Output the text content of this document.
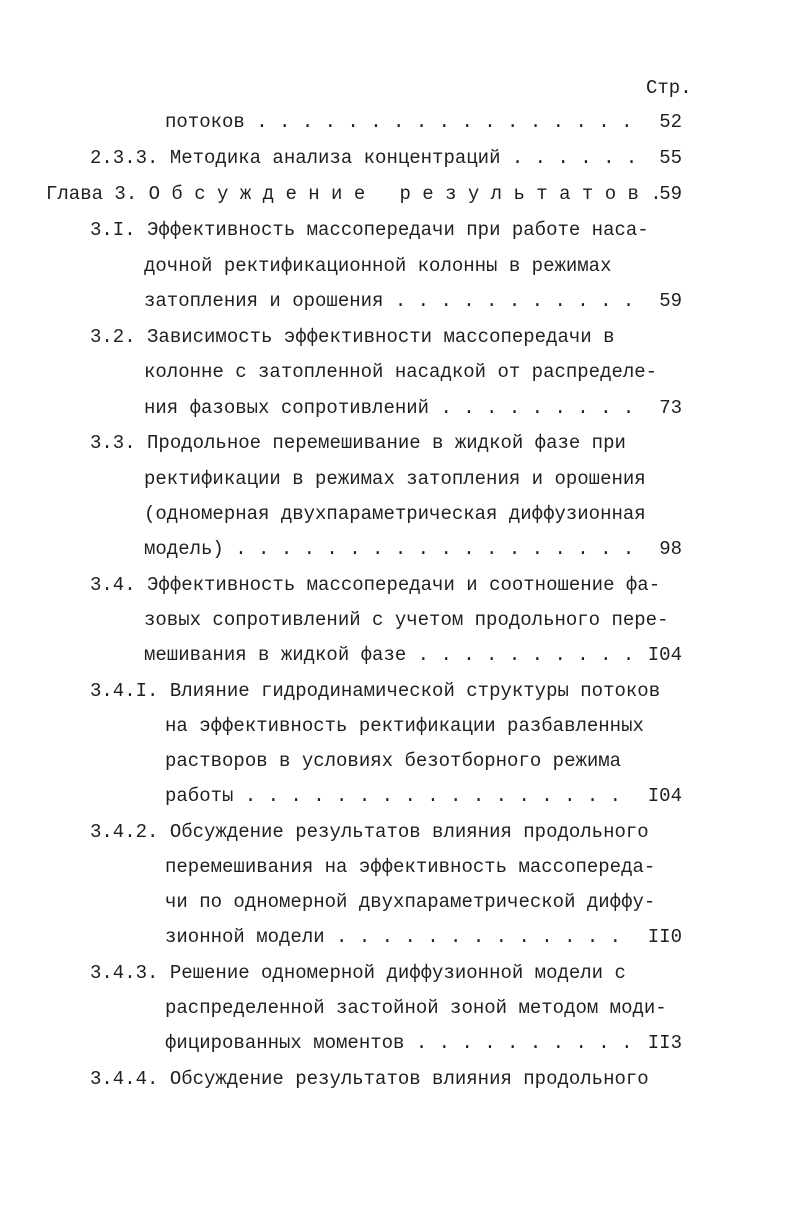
Стр.
потоков . . . . . . . . . . . . . . . . . 52
2.3.3. Методика анализа концентраций . . . . . . 55
Глава 3. О б с у ж д е н и е   р е з у л ь т а т о в .
59
3.I. Эффективность массопередачи при работе наса-
дочной ректификационной колонны в режимах
затопления и орошения . . . . . . . . . . . 59
3.2. Зависимость эффективности массопередачи в
колонне с затопленной насадкой от распределе-
ния фазовых сопротивлений . . . . . . . . . 73
3.3. Продольное перемешивание в жидкой фазе при
ректификации в режимах затопления и орошения
(одномерная двухпараметрическая диффузионная
модель) . . . . . . . . . . . . . . . . . . 98
3.4. Эффективность массопередачи и соотношение фа-
зовых сопротивлений с учетом продольного пере-
мешивания в жидкой фазе . . . . . . . . . . I04
3.4.I. Влияние гидродинамической структуры потоков
на эффективность ректификации разбавленных
растворов в условиях безотборного режима
работы . . . . . . . . . . . . . . . . . I04
3.4.2. Обсуждение результатов влияния продольного
перемешивания на эффективность массопереда-
чи по одномерной двухпараметрической диффу-
зионной модели . . . . . . . . . . . . . II0
3.4.3. Решение одномерной диффузионной модели с
распределенной застойной зоной методом моди-
фицированных моментов . . . . . . . . . . II3
3.4.4. Обсуждение результатов влияния продольного
